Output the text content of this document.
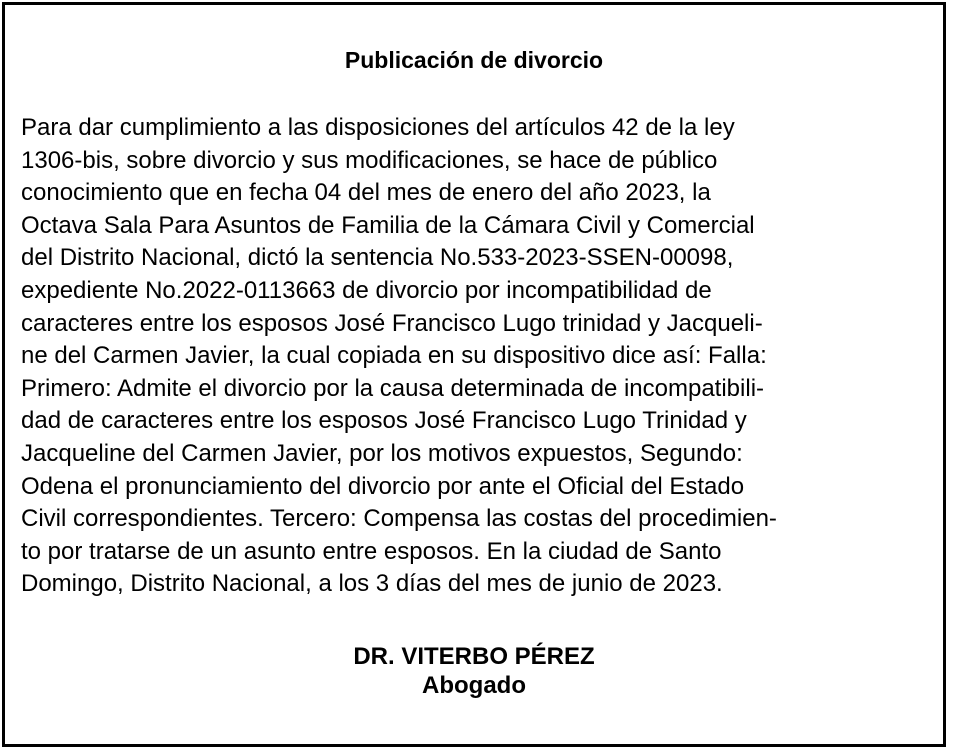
Publicación de divorcio

Para dar cumplimiento a las disposiciones del artículos 42 de la ley
1306-bis, sobre divorcio y sus modificaciones, se hace de público
conocimiento que en fecha 04 del mes de enero del año 2023, la
Octava Sala Para Asuntos de Familia de la Cámara Civil y Comercial
del Distrito Nacional, dictó la sentencia No.533-2023-SSEN-00098,
expediente No.2022-0113663 de divorcio por incompatibilidad de
caracteres entre los esposos José Francisco Lugo trinidad y Jacqueli-
ne del Carmen Javier, la cual copiada en su dispositivo dice así: Falla:
Primero: Admite el divorcio por la causa determinada de incompatibili-
dad de caracteres entre los esposos José Francisco Lugo Trinidad y
Jacqueline del Carmen Javier, por los motivos expuestos, Segundo:
Odena el pronunciamiento del divorcio por ante el Oficial del Estado
Civil correspondientes. Tercero: Compensa las costas del procedimien-
to por tratarse de un asunto entre esposos. En la ciudad de Santo
Domingo, Distrito Nacional, a los 3 días del mes de junio de 2023.

DR. VITERBO PÉREZ
Abogado
